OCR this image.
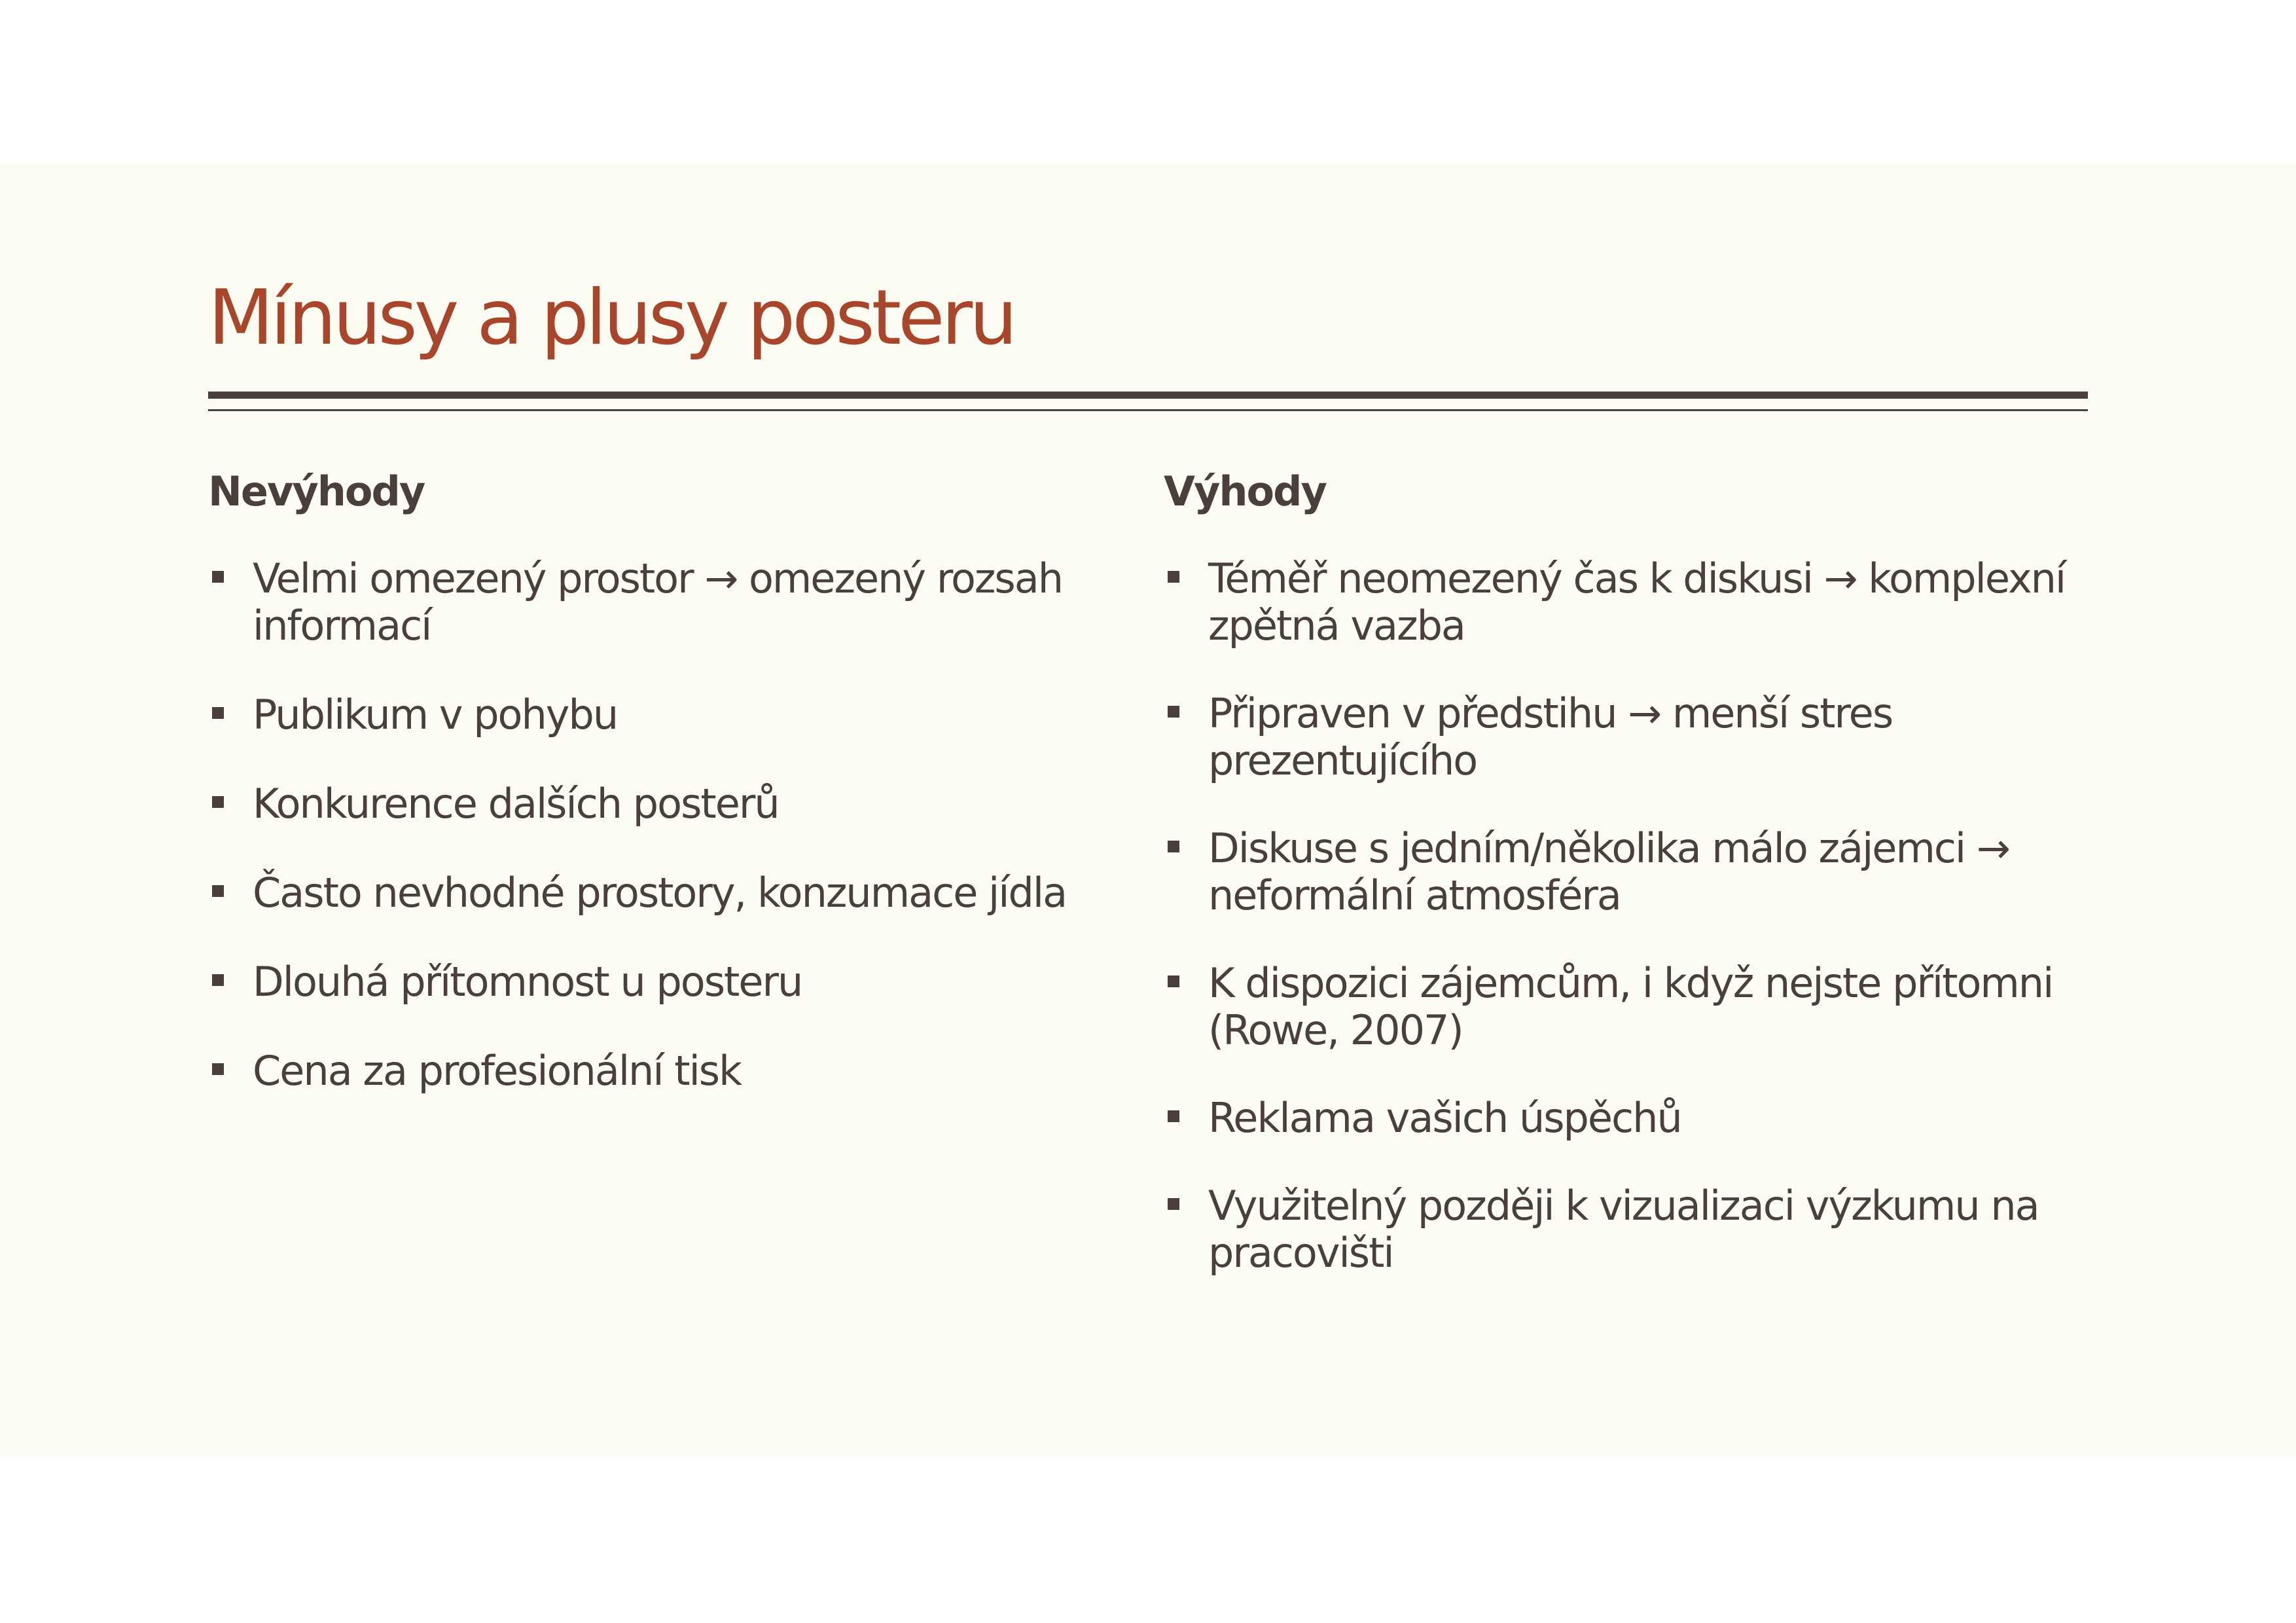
Mínusy a plusy posteru
Nevýhody
Velmi omezený prostor → omezený rozsah informací
Publikum v pohybu
Konkurence dalších posterů
Často nevhodné prostory, konzumace jídla
Dlouhá přítomnost u posteru
Cena za profesionální tisk
Výhody
Téměř neomezený čas k diskusi → komplexní zpětná vazba
Připraven v předstihu → menší stres prezentujícího
Diskuse s jedním/několika málo zájemci → neformální atmosféra
K dispozici zájemcům, i když nejste přítomni (Rowe, 2007)
Reklama vašich úspěchů
Využitelný později k vizualizaci výzkumu na pracovišti
